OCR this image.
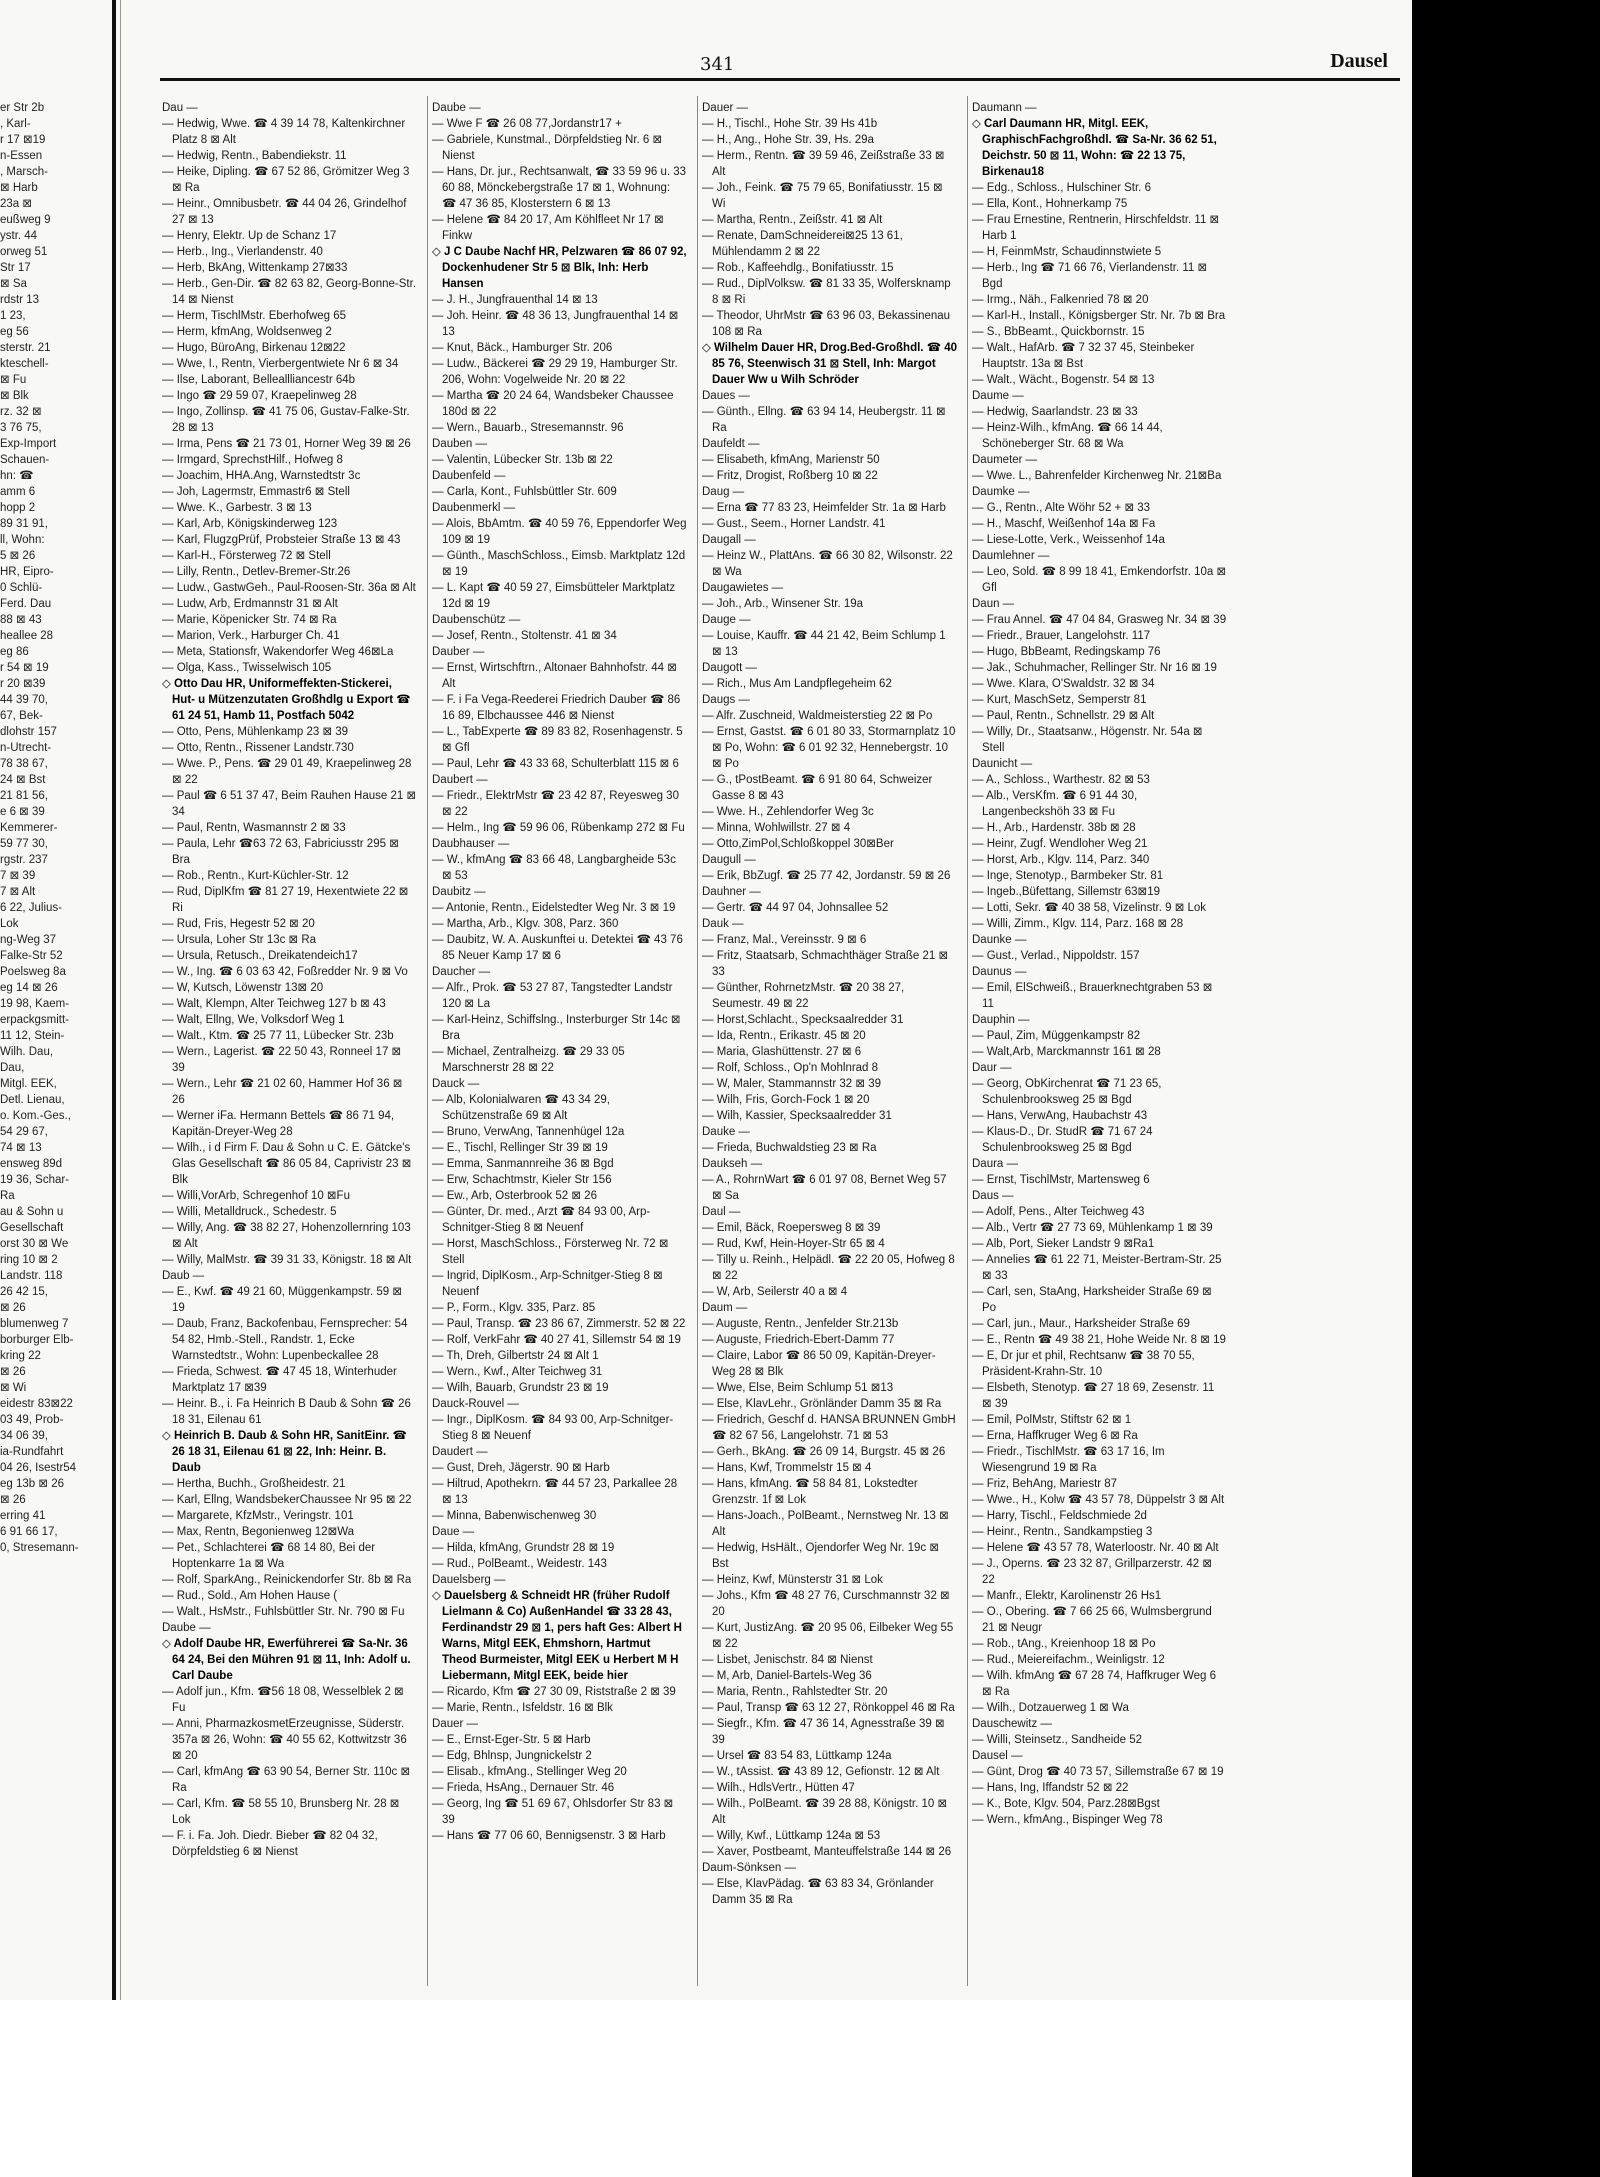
er Str 2b
, Karl-
r 17 ⊠19
n-Essen
, Marsch-
⊠ Harb
23a ⊠
eußweg 9
ystr. 44
orweg 51
Str 17
⊠ Sa
rdstr 13
1 23,
eg 56
sterstr. 21
kteschell-
⊠ Fu
⊠ Blk
rz. 32 ⊠
3 76 75,
Exp-Import
Schauen-
hn: ☎
amm 6
hopp 2
89 31 91,
ll, Wohn:
5 ⊠ 26
HR, Eipro-
0 Schlü-
Ferd. Dau
88 ⊠ 43
heallee 28
eg 86
r 54 ⊠ 19
r 20 ⊠39
44 39 70,
67, Bek-
dlohstr 157
n-Utrecht-
78 38 67,
24 ⊠ Bst
21 81 56,
e 6 ⊠ 39
Kemmerer-
59 77 30,
rgstr. 237
7 ⊠ 39
7 ⊠ Alt
6 22, Julius-
Lok
ng-Weg 37
Falke-Str 52
Poelsweg 8a
eg 14 ⊠ 26
19 98, Kaem-
erpackgsmitt-
11 12, Stein-
Wilh. Dau,
Dau,
Mitgl. EEK,
Detl. Lienau,
o. Kom.-Ges.,
54 29 67,
74 ⊠ 13
ensweg 89d
19 36, Schar-
Ra
au & Sohn u
Gesellschaft
orst 30 ⊠ We
ring 10 ⊠ 2
Landstr. 118
26 42 15,
⊠ 26
blumenweg 7
borburger Elb-
kring 22
⊠ 26
⊠ Wi
eidestr 83⊠22
03 49, Prob-
34 06 39,
ia-Rundfahrt
04 26, Isestr54
eg 13b ⊠ 26
⊠ 26
erring 41
6 91 66 17,
0, Stresemann-
341	Dausel
Dau —
— Hedwig, Wwe. ☎ 4 39 14 78, Kaltenkirchner Platz 8 ⊠ Alt
— Hedwig, Rentn., Babendiekstr. 11
— Heike, Dipling. ☎ 67 52 86, Grömitzer Weg 3 ⊠ Ra
— Heinr., Omnibusbetr. ☎ 44 04 26, Grindelhof 27 ⊠ 13
— Henry, Elektr. Up de Schanz 17
— Herb., Ing., Vierlandenstr. 40
— Herb, BkAng, Wittenkamp 27⊠33
— Herb., Gen-Dir. ☎ 82 63 82, Georg-Bonne-Str. 14 ⊠ Nienst
— Herm, TischlMstr. Eberhofweg 65
— Herm, kfmAng, Woldsenweg 2
— Hugo, BüroAng, Birkenau 12⊠22
— Wwe, I., Rentn, Vierbergentwiete Nr 6 ⊠ 34
— Ilse, Laborant, Belleallliancestr 64b
— Ingo ☎ 29 59 07, Kraepelinweg 28
— Ingo, Zollinsp. ☎ 41 75 06, Gustav-Falke-Str. 28 ⊠ 13
— Irma, Pens ☎ 21 73 01, Horner Weg 39 ⊠ 26
— Irmgard, SprechstHilf., Hofweg 8
— Joachim, HHA.Ang, Warnstedtstr 3c
— Joh, Lagermstr, Emmastr6 ⊠ Stell
— Wwe. K., Garbestr. 3 ⊠ 13
— Karl, Arb, Königskinderweg 123
— Karl, FlugzgPrüf, Probsteier Straße 13 ⊠ 43
— Karl-H., Försterweg 72 ⊠ Stell
— Lilly, Rentn., Detlev-Bremer-Str.26
— Ludw., GastwGeh., Paul-Roosen-Str. 36a ⊠ Alt
— Ludw, Arb, Erdmannstr 31 ⊠ Alt
— Marie, Köpenicker Str. 74 ⊠ Ra
— Marion, Verk., Harburger Ch. 41
— Meta, Stationsfr, Wakendorfer Weg 46⊠La
— Olga, Kass., Twisselwisch 105
◇ Otto Dau HR, Uniformeffekten-Stickerei, Hut- u Mützenzutaten Großhdlg u Export ☎ 61 24 51, Hamb 11, Postfach 5042
— Otto, Pens, Mühlenkamp 23 ⊠ 39
— Otto, Rentn., Rissener Landstr.730
— Wwe. P., Pens. ☎ 29 01 49, Kraepelinweg 28 ⊠ 22
— Paul ☎ 6 51 37 47, Beim Rauhen Hause 21 ⊠ 34
— Paul, Rentn, Wasmannstr 2 ⊠ 33
— Paula, Lehr ☎63 72 63, Fabriciusstr 295 ⊠ Bra
— Rob., Rentn., Kurt-Küchler-Str. 12
— Rud, DiplKfm ☎ 81 27 19, Hexentwiete 22 ⊠ Ri
— Rud, Fris, Hegestr 52 ⊠ 20
— Ursula, Loher Str 13c ⊠ Ra
— Ursula, Retusch., Dreikatendeich17
— W., Ing. ☎ 6 03 63 42, Foßredder Nr. 9 ⊠ Vo
— W, Kutsch, Löwenstr 13⊠ 20
— Walt, Klempn, Alter Teichweg 127 b ⊠ 43
— Walt, Ellng, We, Volksdorf Weg 1
— Walt., Ktm. ☎ 25 77 11, Lübecker Str. 23b
— Wern., Lagerist. ☎ 22 50 43, Ronneel 17 ⊠ 39
— Wern., Lehr ☎ 21 02 60, Hammer Hof 36 ⊠ 26
— Werner iFa. Hermann Bettels ☎ 86 71 94, Kapitän-Dreyer-Weg 28
— Wilh., i d Firm F. Dau & Sohn u C. E. Gätcke's Glas Gesellschaft ☎ 86 05 84, Caprivistr 23 ⊠ Blk
— Willi,VorArb, Schregenhof 10 ⊠Fu
— Willi, Metalldruck., Schedestr. 5
— Willy, Ang. ☎ 38 82 27, Hohenzollernring 103 ⊠ Alt
— Willy, MalMstr. ☎ 39 31 33, Königstr. 18 ⊠ Alt
Daub —
— E., Kwf. ☎ 49 21 60, Müggenkampstr. 59 ⊠ 19
— Daub, Franz, Backofenbau, Fernsprecher: 54 54 82, Hmb.-Stell., Randstr. 1, Ecke Warnstedtstr., Wohn: Lupenbeckallee 28
— Frieda, Schwest. ☎ 47 45 18, Winterhuder Marktplatz 17 ⊠39
— Heinr. B., i. Fa Heinrich B Daub & Sohn ☎ 26 18 31, Eilenau 61
◇ Heinrich B. Daub & Sohn HR, SanitEinr. ☎ 26 18 31, Eilenau 61 ⊠ 22, Inh: Heinr. B. Daub
— Hertha, Buchh., Großheidestr. 21
— Karl, Ellng, WandsbekerChaussee Nr 95 ⊠ 22
— Margarete, KfzMstr., Veringstr. 101
— Max, Rentn, Begonienweg 12⊠Wa
— Pet., Schlachterei ☎ 68 14 80, Bei der Hoptenkarre 1a ⊠ Wa
— Rolf, SparkAng., Reinickendorfer Str. 8b ⊠ Ra
— Rud., Sold., Am Hohen Hause (
— Walt., HsMstr., Fuhlsbüttler Str. Nr. 790 ⊠ Fu
Daube —
◇ Adolf Daube HR, Ewerführerei ☎ Sa-Nr. 36 64 24, Bei den Mühren 91 ⊠ 11, Inh: Adolf u. Carl Daube
— Adolf jun., Kfm. ☎56 18 08, Wesselblek 2 ⊠ Fu
— Anni, PharmazkosmetErzeugnisse, Süderstr. 357a ⊠ 26, Wohn: ☎ 40 55 62, Kottwitzstr 36 ⊠ 20
— Carl, kfmAng ☎ 63 90 54, Berner Str. 110c ⊠ Ra
— Carl, Kfm. ☎ 58 55 10, Brunsberg Nr. 28 ⊠ Lok
— F. i. Fa. Joh. Diedr. Bieber ☎ 82 04 32, Dörpfeldstieg 6 ⊠ Nienst
Daube —
— Wwe F ☎ 26 08 77,Jordanstr17 +
— Gabriele, Kunstmal., Dörpfeldstieg Nr. 6 ⊠ Nienst
— Hans, Dr. jur., Rechtsanwalt, ☎ 33 59 96 u. 33 60 88, Mönckebergstraße 17 ⊠ 1, Wohnung: ☎ 47 36 85, Klosterstern 6 ⊠ 13
— Helene ☎ 84 20 17, Am Köhlfleet Nr 17 ⊠ Finkw
◇ J C Daube Nachf HR, Pelzwaren ☎ 86 07 92, Dockenhudener Str 5 ⊠ Blk, Inh: Herb Hansen
— J. H., Jungfrauenthal 14 ⊠ 13
— Joh. Heinr. ☎ 48 36 13, Jungfrauenthal 14 ⊠ 13
— Knut, Bäck., Hamburger Str. 206
— Ludw., Bäckerei ☎ 29 29 19, Hamburger Str. 206, Wohn: Vogelweide Nr. 20 ⊠ 22
— Martha ☎ 20 24 64, Wandsbeker Chaussee 180d ⊠ 22
— Wern., Bauarb., Stresemannstr. 96
Dauben —
— Valentin, Lübecker Str. 13b ⊠ 22
Daubenfeld —
— Carla, Kont., Fuhlsbüttler Str. 609
Daubenmerkl —
— Alois, BbAmtm. ☎ 40 59 76, Eppendorfer Weg 109 ⊠ 19
— Günth., MaschSchloss., Eimsb. Marktplatz 12d ⊠ 19
— L. Kapt ☎ 40 59 27, Eimsbütteler Marktplatz 12d ⊠ 19
Daubenschütz —
— Josef, Rentn., Stoltenstr. 41 ⊠ 34
Dauber —
— Ernst, Wirtschftrn., Altonaer Bahnhofstr. 44 ⊠ Alt
— F. i Fa Vega-Reederei Friedrich Dauber ☎ 86 16 89, Elbchaussee 446 ⊠ Nienst
— L., TabExperte ☎ 89 83 82, Rosenhagenstr. 5 ⊠ Gfl
— Paul, Lehr ☎ 43 33 68, Schulterblatt 115 ⊠ 6
Daubert —
— Friedr., ElektrMstr ☎ 23 42 87, Reyesweg 30 ⊠ 22
— Helm., Ing ☎ 59 96 06, Rübenkamp 272 ⊠ Fu
Daubhauser —
— W., kfmAng ☎ 83 66 48, Langbargheide 53c ⊠ 53
Daubitz —
— Antonie, Rentn., Eidelstedter Weg Nr. 3 ⊠ 19
— Martha, Arb., Klgv. 308, Parz. 360
— Daubitz, W. A. Auskunftei u. Detektei ☎ 43 76 85 Neuer Kamp 17 ⊠ 6
Daucher —
— Alfr., Prok. ☎ 53 27 87, Tangstedter Landstr 120 ⊠ La
— Karl-Heinz, Schiffslng., Insterburger Str 14c ⊠ Bra
— Michael, Zentralheizg. ☎ 29 33 05 Marschnerstr 28 ⊠ 22
Dauck —
— Alb, Kolonialwaren ☎ 43 34 29, Schützenstraße 69 ⊠ Alt
— Bruno, VerwAng, Tannenhügel 12a
— E., Tischl, Rellinger Str 39 ⊠ 19
— Emma, Sanmannreihe 36 ⊠ Bgd
— Erw, Schachtmstr, Kieler Str 156
— Ew., Arb, Osterbrook 52 ⊠ 26
— Günter, Dr. med., Arzt ☎ 84 93 00, Arp-Schnitger-Stieg 8 ⊠ Neuenf
— Horst, MaschSchloss., Försterweg Nr. 72 ⊠ Stell
— Ingrid, DiplKosm., Arp-Schnitger-Stieg 8 ⊠ Neuenf
— P., Form., Klgv. 335, Parz. 85
— Paul, Transp. ☎ 23 86 67, Zimmerstr. 52 ⊠ 22
— Rolf, VerkFahr ☎ 40 27 41, Sillemstr 54 ⊠ 19
— Th, Dreh, Gilbertstr 24 ⊠ Alt 1
— Wern., Kwf., Alter Teichweg 31
— Wilh, Bauarb, Grundstr 23 ⊠ 19
Dauck-Rouvel —
— Ingr., DiplKosm. ☎ 84 93 00, Arp-Schnitger-Stieg 8 ⊠ Neuenf
Daudert —
— Gust, Dreh, Jägerstr. 90 ⊠ Harb
— Hiltrud, Apothekrn. ☎ 44 57 23, Parkallee 28 ⊠ 13
— Minna, Babenwischenweg 30
Daue —
— Hilda, kfmAng, Grundstr 28 ⊠ 19
— Rud., PolBeamt., Weidestr. 143
Dauelsberg —
◇ Dauelsberg & Schneidt HR (früher Rudolf Lielmann & Co) AußenHandel ☎ 33 28 43, Ferdinandstr 29 ⊠ 1, pers haft Ges: Albert H Warns, Mitgl EEK, Ehmshorn, Hartmut Theod Burmeister, Mitgl EEK u Herbert M H Liebermann, Mitgl EEK, beide hier
— Ricardo, Kfm ☎ 27 30 09, Riststraße 2 ⊠ 39
— Marie, Rentn., Isfeldstr. 16 ⊠ Blk
Dauer —
— E., Ernst-Eger-Str. 5 ⊠ Harb
— Edg, Bhlnsp, Jungnickelstr 2
— Elisab., kfmAng., Stellinger Weg 20
— Frieda, HsAng., Dernauer Str. 46
— Georg, Ing ☎ 51 69 67, Ohlsdorfer Str 83 ⊠ 39
— Hans ☎ 77 06 60, Bennigsenstr. 3 ⊠ Harb
Dauer —
— H., Tischl., Hohe Str. 39 Hs 41b
— H., Ang., Hohe Str. 39, Hs. 29a
— Herm., Rentn. ☎ 39 59 46, Zeißstraße 33 ⊠ Alt
— Joh., Feink. ☎ 75 79 65, Bonifatiusstr. 15 ⊠ Wi
— Martha, Rentn., Zeißstr. 41 ⊠ Alt
— Renate, DamSchneiderei⊠25 13 61, Mühlendamm 2 ⊠ 22
— Rob., Kaffeehdlg., Bonifatiusstr. 15
— Rud., DiplVolksw. ☎ 81 33 35, Wolfersknamp 8 ⊠ Ri
— Theodor, UhrMstr ☎ 63 96 03, Bekassinenau 108 ⊠ Ra
◇ Wilhelm Dauer HR, Drog.Bed-Großhdl. ☎ 40 85 76, Steenwisch 31 ⊠ Stell, Inh: Margot Dauer Ww u Wilh Schröder
Daues —
— Günth., Ellng. ☎ 63 94 14, Heubergstr. 11 ⊠ Ra
Daufeldt —
— Elisabeth, kfmAng, Marienstr 50
— Fritz, Drogist, Roßberg 10 ⊠ 22
Daug —
— Erna ☎ 77 83 23, Heimfelder Str. 1a ⊠ Harb
— Gust., Seem., Horner Landstr. 41
Daugall —
— Heinz W., PlattAns. ☎ 66 30 82, Wilsonstr. 22 ⊠ Wa
Daugawietes —
— Joh., Arb., Winsener Str. 19a
Dauge —
— Louise, Kauffr. ☎ 44 21 42, Beim Schlump 1 ⊠ 13
Daugott —
— Rich., Mus Am Landpflegeheim 62
Daugs —
— Alfr. Zuschneid, Waldmeisterstieg 22 ⊠ Po
— Ernst, Gastst. ☎ 6 01 80 33, Stormarnplatz 10 ⊠ Po, Wohn: ☎ 6 01 92 32, Hennebergstr. 10 ⊠ Po
— G., tPostBeamt. ☎ 6 91 80 64, Schweizer Gasse 8 ⊠ 43
— Wwe. H., Zehlendorfer Weg 3c
— Minna, Wohlwillstr. 27 ⊠ 4
— Otto,ZimPol,Schloßkoppel 30⊠Ber
Daugull —
— Erik, BbZugf. ☎ 25 77 42, Jordanstr. 59 ⊠ 26
Dauhner —
— Gertr. ☎ 44 97 04, Johnsallee 52
Dauk —
— Franz, Mal., Vereinsstr. 9 ⊠ 6
— Fritz, Staatsarb, Schmachthäger Straße 21 ⊠ 33
— Günther, RohrnetzMstr. ☎ 20 38 27, Seumestr. 49 ⊠ 22
— Horst,Schlacht., Specksaalredder 31
— Ida, Rentn., Erikastr. 45 ⊠ 20
— Maria, Glashüttenstr. 27 ⊠ 6
— Rolf, Schloss., Op'n Mohlnrad 8
— W, Maler, Stammannstr 32 ⊠ 39
— Wilh, Fris, Gorch-Fock 1 ⊠ 20
— Wilh, Kassier, Specksaalredder 31
Dauke —
— Frieda, Buchwaldstieg 23 ⊠ Ra
Daukseh —
— A., RohrnWart ☎ 6 01 97 08, Bernet Weg 57 ⊠ Sa
Daul —
— Emil, Bäck, Roepersweg 8 ⊠ 39
— Rud, Kwf, Hein-Hoyer-Str 65 ⊠ 4
— Tilly u. Reinh., Helpädl. ☎ 22 20 05, Hofweg 8 ⊠ 22
— W, Arb, Seilerstr 40 a ⊠ 4
Daum —
— Auguste, Rentn., Jenfelder Str.213b
— Auguste, Friedrich-Ebert-Damm 77
— Claire, Labor ☎ 86 50 09, Kapitän-Dreyer-Weg 28 ⊠ Blk
— Wwe, Else, Beim Schlump 51 ⊠13
— Else, KlavLehr., Grönländer Damm 35 ⊠ Ra
— Friedrich, Geschf d. HANSA BRUNNEN GmbH ☎ 82 67 56, Langelohstr. 71 ⊠ 53
— Gerh., BkAng. ☎ 26 09 14, Burgstr. 45 ⊠ 26
— Hans, Kwf, Trommelstr 15 ⊠ 4
— Hans, kfmAng. ☎ 58 84 81, Lokstedter Grenzstr. 1f ⊠ Lok
— Hans-Joach., PolBeamt., Nernstweg Nr. 13 ⊠ Alt
— Hedwig, HsHält., Ojendorfer Weg Nr. 19c ⊠ Bst
— Heinz, Kwf, Münsterstr 31 ⊠ Lok
— Johs., Kfm ☎ 48 27 76, Curschmannstr 32 ⊠ 20
— Kurt, JustizAng. ☎ 20 95 06, Eilbeker Weg 55 ⊠ 22
— Lisbet, Jenischstr. 84 ⊠ Nienst
— M, Arb, Daniel-Bartels-Weg 36
— Maria, Rentn., Rahlstedter Str. 20
— Paul, Transp ☎ 63 12 27, Rönkoppel 46 ⊠ Ra
— Siegfr., Kfm. ☎ 47 36 14, Agnesstraße 39 ⊠ 39
— Ursel ☎ 83 54 83, Lüttkamp 124a
— W., tAssist. ☎ 43 89 12, Gefionstr. 12 ⊠ Alt
— Wilh., HdlsVertr., Hütten 47
— Wilh., PolBeamt. ☎ 39 28 88, Königstr. 10 ⊠ Alt
— Willy, Kwf., Lüttkamp 124a ⊠ 53
— Xaver, Postbeamt, Manteuffelstraße 144 ⊠ 26
Daum-Sönksen —
— Else, KlavPädag. ☎ 63 83 34, Grönlander Damm 35 ⊠ Ra
Daumann —
◇ Carl Daumann HR, Mitgl. EEK, GraphischFachgroßhdl. ☎ Sa-Nr. 36 62 51, Deichstr. 50 ⊠ 11, Wohn: ☎ 22 13 75, Birkenau18
— Edg., Schloss., Hulschiner Str. 6
— Ella, Kont., Hohnerkamp 75
— Frau Ernestine, Rentnerin, Hirschfeldstr. 11 ⊠ Harb 1
— H, FeinmMstr, Schaudinnstwiete 5
— Herb., Ing ☎ 71 66 76, Vierlandenstr. 11 ⊠ Bgd
— Irmg., Näh., Falkenried 78 ⊠ 20
— Karl-H., Install., Königsberger Str. Nr. 7b ⊠ Bra
— S., BbBeamt., Quickbornstr. 15
— Walt., HafArb. ☎ 7 32 37 45, Steinbeker Hauptstr. 13a ⊠ Bst
— Walt., Wächt., Bogenstr. 54 ⊠ 13
Daume —
— Hedwig, Saarlandstr. 23 ⊠ 33
— Heinz-Wilh., kfmAng. ☎ 66 14 44, Schöneberger Str. 68 ⊠ Wa
Daumeter —
— Wwe. L., Bahrenfelder Kirchenweg Nr. 21⊠Ba
Daumke —
— G., Rentn., Alte Wöhr 52 + ⊠ 33
— H., Maschf, Weißenhof 14a ⊠ Fa
— Liese-Lotte, Verk., Weissenhof 14a
Daumlehner —
— Leo, Sold. ☎ 8 99 18 41, Emkendorfstr. 10a ⊠ Gfl
Daun —
— Frau Annel. ☎ 47 04 84, Grasweg Nr. 34 ⊠ 39
— Friedr., Brauer, Langelohstr. 117
— Hugo, BbBeamt, Redingskamp 76
— Jak., Schuhmacher, Rellinger Str. Nr 16 ⊠ 19
— Wwe. Klara, O'Swaldstr. 32 ⊠ 34
— Kurt, MaschSetz, Semperstr 81
— Paul, Rentn., Schnellstr. 29 ⊠ Alt
— Willy, Dr., Staatsanw., Högenstr. Nr. 54a ⊠ Stell
Daunicht —
— A., Schloss., Warthestr. 82 ⊠ 53
— Alb., VersKfm. ☎ 6 91 44 30, Langenbeckshöh 33 ⊠ Fu
— H., Arb., Hardenstr. 38b ⊠ 28
— Heinr, Zugf. Wendloher Weg 21
— Horst, Arb., Klgv. 114, Parz. 340
— Inge, Stenotyp., Barmbeker Str. 81
— Ingeb.,Büfettang, Sillemstr 63⊠19
— Lotti, Sekr. ☎ 40 38 58, Vizelinstr. 9 ⊠ Lok
— Willi, Zimm., Klgv. 114, Parz. 168 ⊠ 28
Daunke —
— Gust., Verlad., Nippoldstr. 157
Daunus —
— Emil, ElSchweiß., Brauerknechtgraben 53 ⊠ 11
Dauphin —
— Paul, Zim, Müggenkampstr 82
— Walt,Arb, Marckmannstr 161 ⊠ 28
Daur —
— Georg, ObKirchenrat ☎ 71 23 65, Schulenbrooksweg 25 ⊠ Bgd
— Hans, VerwAng, Haubachstr 43
— Klaus-D., Dr. StudR ☎ 71 67 24 Schulenbrooksweg 25 ⊠ Bgd
Daura —
— Ernst, TischlMstr, Martensweg 6
Daus —
— Adolf, Pens., Alter Teichweg 43
— Alb., Vertr ☎ 27 73 69, Mühlenkamp 1 ⊠ 39
— Alb, Port, Sieker Landstr 9 ⊠Ra1
— Annelies ☎ 61 22 71, Meister-Bertram-Str. 25 ⊠ 33
— Carl, sen, StaAng, Harksheider Straße 69 ⊠ Po
— Carl, jun., Maur., Harksheider Straße 69
— E., Rentn ☎ 49 38 21, Hohe Weide Nr. 8 ⊠ 19
— E, Dr jur et phil, Rechtsanw ☎ 38 70 55, Präsident-Krahn-Str. 10
— Elsbeth, Stenotyp. ☎ 27 18 69, Zesenstr. 11 ⊠ 39
— Emil, PolMstr, Stiftstr 62 ⊠ 1
— Erna, Haffkruger Weg 6 ⊠ Ra
— Friedr., TischlMstr. ☎ 63 17 16, Im Wiesengrund 19 ⊠ Ra
— Friz, BehAng, Mariestr 87
— Wwe., H., Kolw ☎ 43 57 78, Düppelstr 3 ⊠ Alt
— Harry, Tischl., Feldschmiede 2d
— Heinr., Rentn., Sandkampstieg 3
— Helene ☎ 43 57 78, Waterloostr. Nr. 40 ⊠ Alt
— J., Operns. ☎ 23 32 87, Grillparzerstr. 42 ⊠ 22
— Manfr., Elektr, Karolinenstr 26 Hs1
— O., Obering. ☎ 7 66 25 66, Wulmsbergrund 21 ⊠ Neugr
— Rob., tAng., Kreienhoop 18 ⊠ Po
— Rud., Meiereifachm., Weinligstr. 12
— Wilh. kfmAng ☎ 67 28 74, Haffkruger Weg 6 ⊠ Ra
— Wilh., Dotzauerweg 1 ⊠ Wa
Dauschewitz —
— Willi, Steinsetz., Sandheide 52
Dausel —
— Günt, Drog ☎ 40 73 57, Sillemstraße 67 ⊠ 19
— Hans, Ing, Iffandstr 52 ⊠ 22
— K., Bote, Klgv. 504, Parz.28⊠Bgst
— Wern., kfmAng., Bispinger Weg 78
